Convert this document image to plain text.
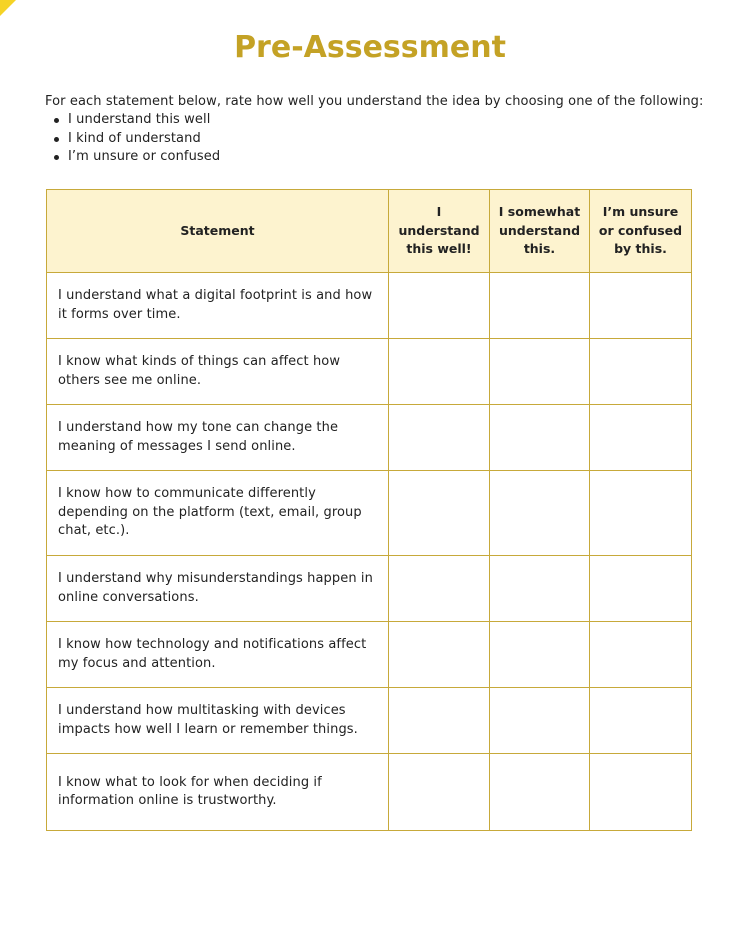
Pre-Assessment
For each statement below, rate how well you understand the idea by choosing one of the following:
I understand this well
I kind of understand
I’m unsure or confused
Statement	I understand this well!	I somewhat understand this.	I’m unsure or confused by this.
I understand what a digital footprint is and how it forms over time.			
I know what kinds of things can affect how others see me online.			
I understand how my tone can change the meaning of messages I send online.			
I know how to communicate differently depending on the platform (text, email, group chat, etc.).			
I understand why misunderstandings happen in online conversations.			
I know how technology and notifications affect my focus and attention.			
I understand how multitasking with devices impacts how well I learn or remember things.			
I know what to look for when deciding if information online is trustworthy.			
